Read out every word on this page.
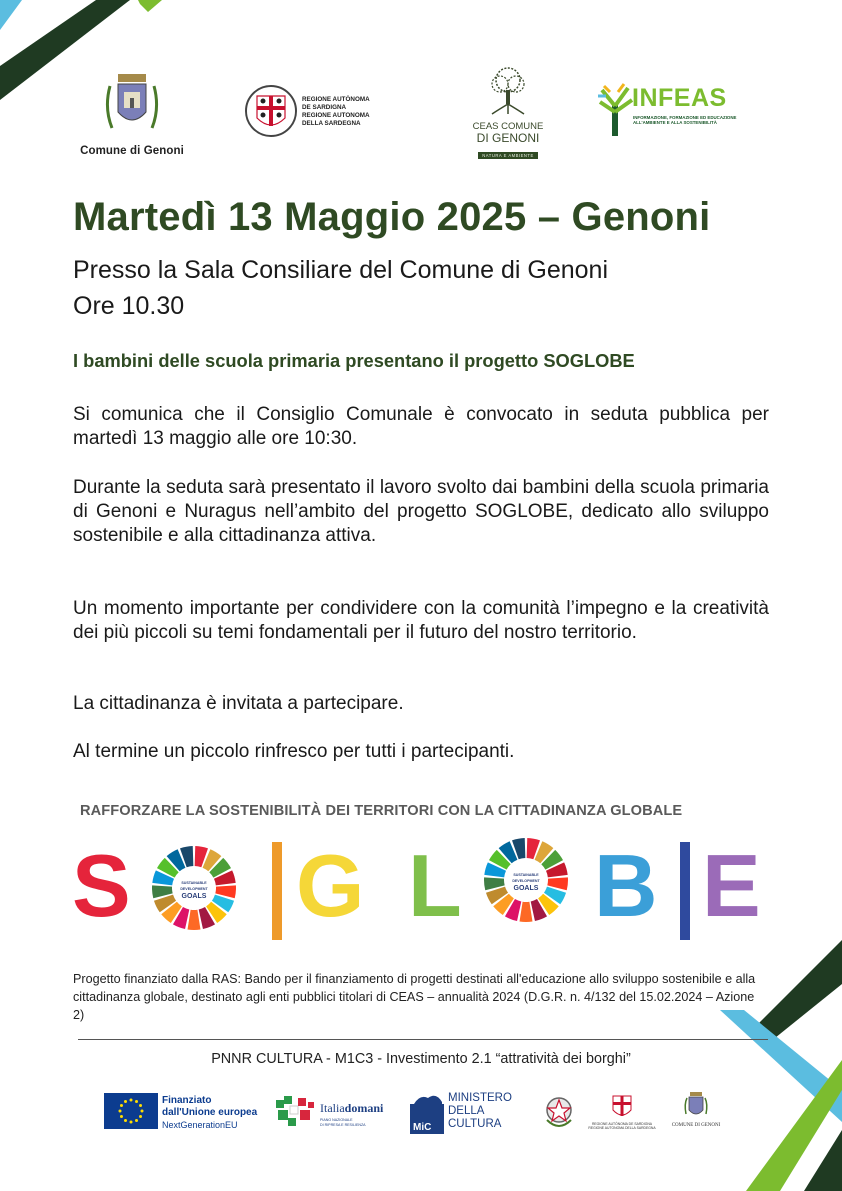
Comune di Genoni
REGIONE AUTÒNOMA
DE SARDIGNA
REGIONE AUTONOMA
DELLA SARDEGNA	CEAS COMUNE
DI GENONI
NATURA E AMBIENTE
INFEAS
INFORMAZIONE, FORMAZIONE ED EDUCAZIONE
ALL'AMBIENTE E ALLA SOSTENIBILITÀ
Martedì 13 Maggio 2025 – Genoni
Presso la Sala Consiliare del Comune di Genoni
Ore 10.30
I bambini delle scuola primaria presentano il progetto SOGLOBE

Si comunica che il Consiglio Comunale è convocato in seduta pubblica per martedì 13 maggio alle ore 10:30.

Durante la seduta sarà presentato il lavoro svolto dai bambini della scuola primaria di Genoni e Nuragus nell’ambito del progetto SOGLOBE, dedicato allo sviluppo sostenibile e alla cittadinanza attiva.

Un momento importante per condividere con la comunità l’impegno e la creatività dei più piccoli su temi fondamentali per il futuro del nostro territorio.

La cittadinanza è invitata a partecipare.

Al termine un piccolo rinfresco per tutti i partecipanti.

RAFFORZARE LA SOSTENIBILITÀ DEI TERRITORI CON LA CITTADINANZA GLOBALE
S	SUSTAINABLE
DEVELOPMENT
GOALS G L	SUSTAINABLE
DEVELOPMENT
GOALS B E
Progetto finanziato dalla RAS: Bando per il finanziamento di progetti destinati all'educazione allo sviluppo sostenibile e alla cittadinanza globale, destinato agli enti pubblici titolari di CEAS – annualità 2024 (D.G.R. n. 4/132 del 15.02.2024 – Azione 2)
PNNR CULTURA - M1C3 - Investimento 2.1 “attratività dei borghi”
Finanziato
dall'Unione europea
NextGenerationEU
Italiadomani
PIANO NAZIONALE
DI RIPRESA E RESILIENZA	MiC
MINISTERO
DELLA
CULTURA	REGIONE AUTÒNOMA DE SARDIGNA
REGIONE AUTONOMA DELLA SARDEGNA	COMUNE DI GENONI
